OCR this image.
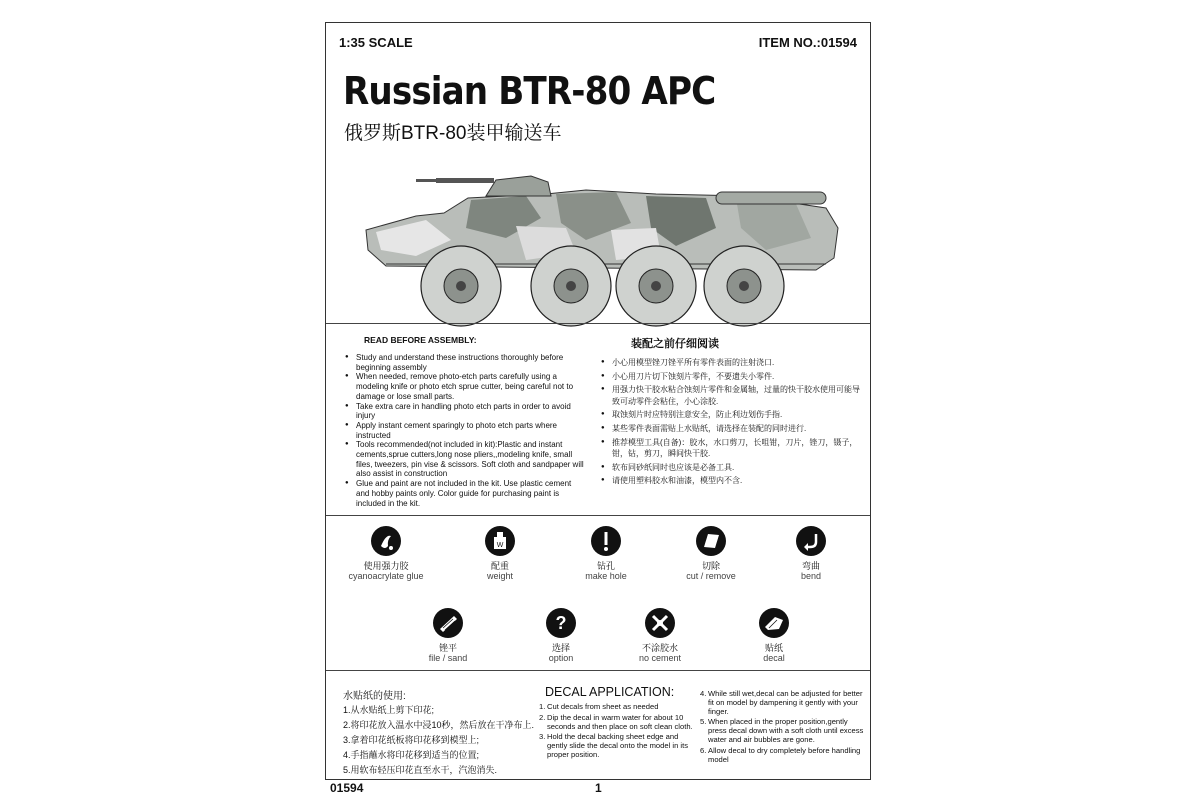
1:35 SCALE	ITEM NO.:01594
Russian BTR-80 APC
俄罗斯BTR-80装甲输送车
READ BEFORE ASSEMBLY:
● Study and understand these instructions thoroughly before beginning assembly
● When needed, remove photo-etch parts carefully using a modeling knife or photo etch sprue cutter, being careful not to damage or lose small parts.
● Take extra care in handling photo etch parts in order to avoid injury
● Apply instant cement sparingly to photo etch parts where instructed
● Tools recommended(not included in kit):Plastic and instant cements,sprue cutters,long nose pliers,,modeling knife, small files, tweezers, pin vise & scissors. Soft cloth and sandpaper will also assist in construction
● Glue and paint are not included in the kit. Use plastic cement and hobby paints only. Color guide for purchasing paint is included in the kit.
装配之前仔细阅读
● 小心用模型锉刀锉平所有零件表面的注射浇口.
● 小心用刀片切下蚀刻片零件，不要遗失小零件.
● 用强力快干胶水粘合蚀刻片零件和金属轴，过量的快干胶水使用可能导致可动零件会粘住，小心涂胶.
● 取蚀刻片时应特别注意安全，防止利边划伤手指.
● 某些零件表面需贴上水贴纸，请选择在装配的同时进行.
● 推荐模型工具(自备)：胶水，水口剪刀，长咀钳，刀片，锉刀，镊子，钳，钻，剪刀，瞬间快干胶.
● 软布同砂纸同时也应该是必备工具.
● 请使用塑料胶水和油漆，模型内不含.
使用强力胶
cyanoacrylate glue
W
配重
weight
钻孔
make hole
切除
cut / remove
弯曲
bend
锉平
file / sand
?
选择
option
不涂胶水
no cement
贴纸
decal
水贴纸的使用:
1.从水贴纸上剪下印花;
2.将印花放入温水中浸10秒，然后放在干净布上.
3.拿着印花纸板将印花移到模型上;
4.手指蘸水将印花移到适当的位置;
5.用软布轻压印花直至水干，汽泡消失.
DECAL APPLICATION:
1. Cut decals from sheet as needed
2. Dip the decal in warm water for about 10 seconds and then place on soft clean cloth.
3. Hold the decal backing sheet edge and gently slide the decal onto the model in its proper position.
4. While still wet,decal can be adjusted for better fit on model by dampening it gently with your finger.
5. When placed in the proper position,gently press decal down with a soft cloth until excess water and air bubbles are gone.
6. Allow decal to dry completely before handling model
01594	1
